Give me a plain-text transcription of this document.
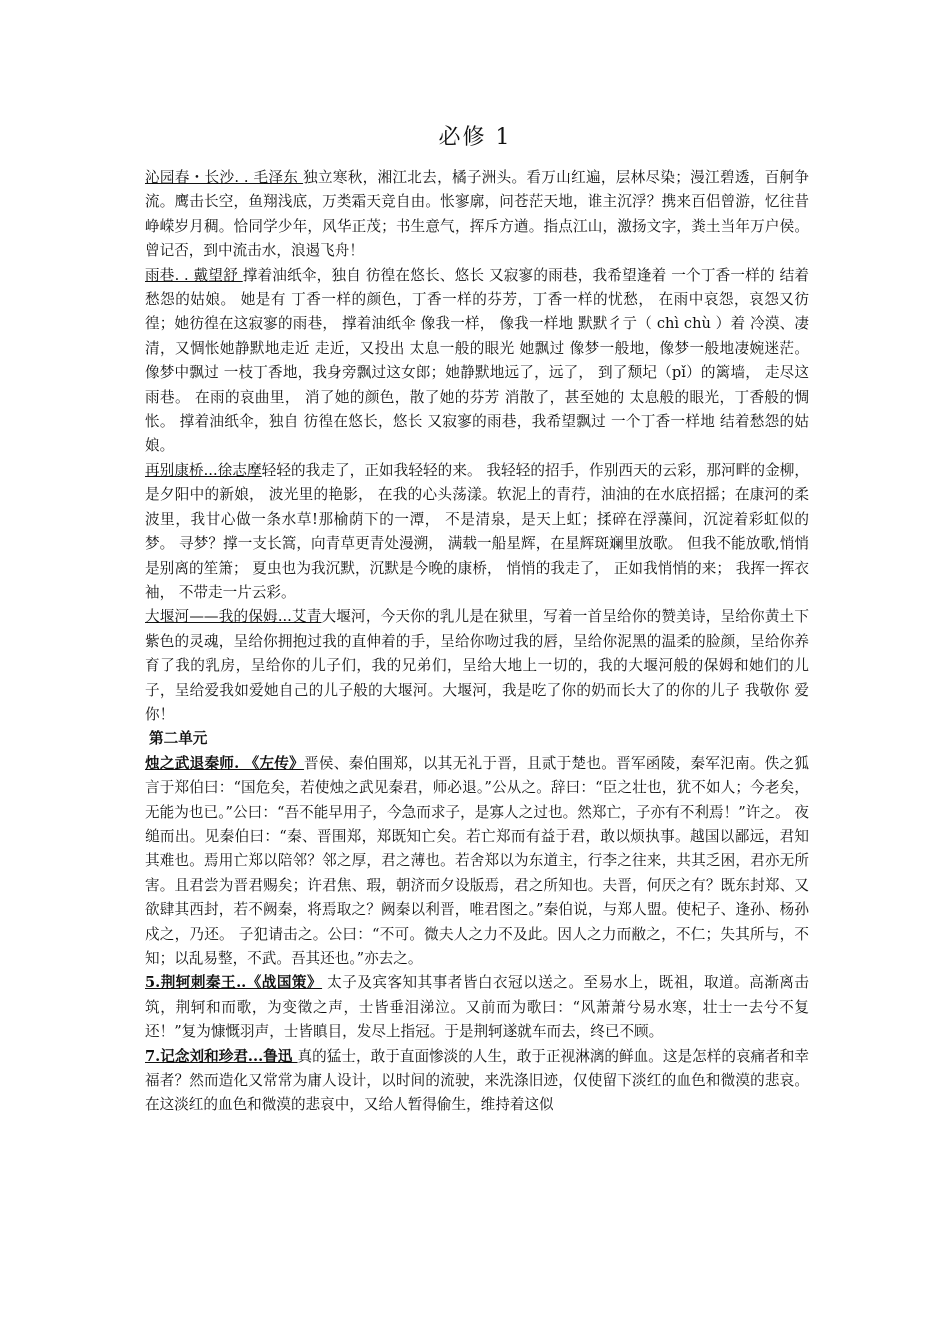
必修 1

沁园春・长沙. . 毛泽东 独立寒秋，湘江北去，橘子洲头。看万山红遍，层林尽染；漫江碧透，百舸争流。鹰击长空，鱼翔浅底，万类霜天竞自由。怅寥廓，问苍茫天地，谁主沉浮？携来百侣曾游，忆往昔峥嵘岁月稠。恰同学少年，风华正茂；书生意气，挥斥方遒。指点江山，激扬文字，粪土当年万户侯。曾记否，到中流击水，浪遏飞舟！

雨巷. . 戴望舒 撑着油纸伞，独自 彷徨在悠长、悠长 又寂寥的雨巷，我希望逢着 一个丁香一样的 结着愁怨的姑娘。 她是有 丁香一样的颜色，丁香一样的芬芳，丁香一样的忧愁， 在雨中哀怨，哀怨又彷徨；她彷徨在这寂寥的雨巷， 撑着油纸伞 像我一样， 像我一样地 默默彳亍（ chì chù ）着 冷漠、凄清，又惆怅她静默地走近 走近，又投出 太息一般的眼光 她飘过 像梦一般地，像梦一般地凄婉迷茫。 像梦中飘过 一枝丁香地，我身旁飘过这女郎；她静默地远了，远了， 到了颓圮（pǐ）的篱墙， 走尽这雨巷。 在雨的哀曲里， 消了她的颜色，散了她的芬芳 消散了，甚至她的 太息般的眼光，丁香般的惆怅。 撑着油纸伞，独自 彷徨在悠长，悠长 又寂寥的雨巷，我希望飘过 一个丁香一样地 结着愁怨的姑娘。

再别康桥...徐志摩轻轻的我走了，正如我轻轻的来。 我轻轻的招手，作别西天的云彩，那河畔的金柳，是夕阳中的新娘， 波光里的艳影， 在我的心头荡漾。软泥上的青荇，油油的在水底招摇；在康河的柔波里，我甘心做一条水草!那榆荫下的一潭， 不是清泉，是天上虹；揉碎在浮藻间，沉淀着彩虹似的梦。 寻梦？撑一支长篙，向青草更青处漫溯， 满载一船星辉，在星辉斑斓里放歌。 但我不能放歌,悄悄是别离的笙箫； 夏虫也为我沉默，沉默是今晚的康桥， 悄悄的我走了， 正如我悄悄的来； 我挥一挥衣袖， 不带走一片云彩。

大堰河——我的保姆...艾青大堰河，今天你的乳儿是在狱里，写着一首呈给你的赞美诗，呈给你黄土下紫色的灵魂，呈给你拥抱过我的直伸着的手，呈给你吻过我的唇，呈给你泥黑的温柔的脸颜，呈给你养育了我的乳房，呈给你的儿子们，我的兄弟们，呈给大地上一切的，我的大堰河般的保姆和她们的儿子，呈给爱我如爱她自己的儿子般的大堰河。大堰河，我是吃了你的奶而长大了的你的儿子 我敬你 爱你！

第二单元

烛之武退秦师. 《左传》晋侯、秦伯围郑，以其无礼于晋，且贰于楚也。晋军函陵，秦军氾南。佚之狐言于郑伯曰：“国危矣，若使烛之武见秦君，师必退。”公从之。辞曰：“臣之壮也，犹不如人；今老矣，无能为也已。”公曰：“吾不能早用子，今急而求子，是寡人之过也。然郑亡，子亦有不利焉！”许之。 夜缒而出。见秦伯曰：“秦、晋围郑，郑既知亡矣。若亡郑而有益于君，敢以烦执事。越国以鄙远，君知其难也。焉用亡郑以陪邻？邻之厚，君之薄也。若舍郑以为东道主，行李之往来，共其乏困，君亦无所害。且君尝为晋君赐矣；许君焦、瑕，朝济而夕设版焉，君之所知也。夫晋，何厌之有？既东封郑、又欲肆其西封，若不阙秦，将焉取之？阙秦以利晋，唯君图之。”秦伯说，与郑人盟。使杞子、逢孙、杨孙戍之，乃还。 子犯请击之。公曰：“不可。微夫人之力不及此。因人之力而敝之，不仁；失其所与，不知；以乱易整，不武。吾其还也。”亦去之。

5.荆轲刺秦王..《战国策》 太子及宾客知其事者皆白衣冠以送之。至易水上，既祖，取道。高渐离击筑，荆轲和而歌，为变徵之声，士皆垂泪涕泣。又前而为歌曰：“风萧萧兮易水寒，壮士一去兮不复还！”复为慷慨羽声，士皆瞋目，发尽上指冠。于是荆轲遂就车而去，终已不顾。

7.记念刘和珍君...鲁迅 真的猛士，敢于直面惨淡的人生，敢于正视淋漓的鲜血。这是怎样的哀痛者和幸福者？然而造化又常常为庸人设计，以时间的流驶，来洗涤旧迹，仅使留下淡红的血色和微漠的悲哀。在这淡红的血色和微漠的悲哀中，又给人暂得偷生，维持着这似
